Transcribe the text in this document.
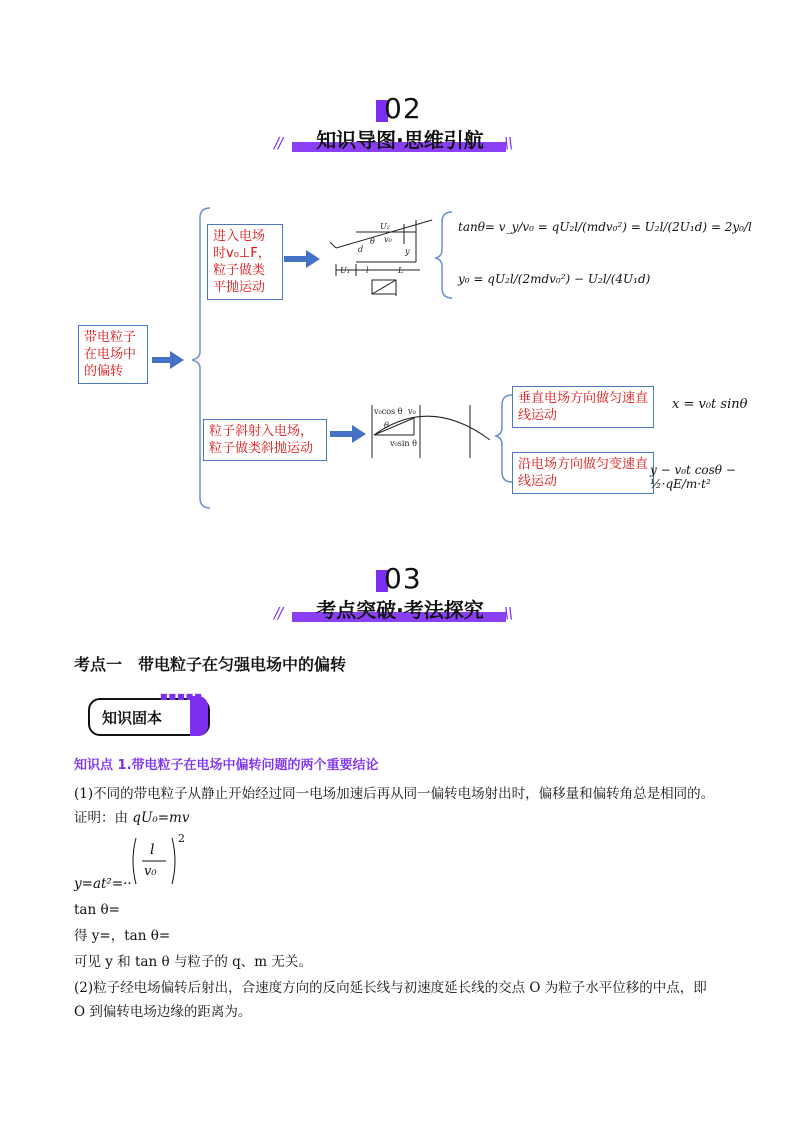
02
//	\\
知识导图·思维引航
带电粒子在电场中的偏转
U₂
v₀
d
θ
y
l	L
U₁
v₀cos θ v₀
θ
v₀sin θ
进入电场时v₀⊥F，粒子做类平抛运动
粒子斜射入电场，粒子做类斜抛运动
垂直电场方向做匀速直线运动
沿电场方向做匀变速直线运动
tanθ= v_y/v₀ = qU₂l/(mdv₀²) = U₂l/(2U₁d) = 2y₀/l
y₀ = qU₂l/(2mdv₀²) − U₂l/(4U₁d)
x = v₀t sinθ
y − v₀t cosθ − ½·qE/m·t²
03
//	\\
考点突破·考法探究
考点一　带电粒子在匀强电场中的偏转
■■■■■
知识固本
知识点 1.带电粒子在电场中偏转问题的两个重要结论
(1)不同的带电粒子从静止开始经过同一电场加速后再从同一偏转电场射出时，偏移量和偏转角总是相同的。
证明：由 qU₀=mv
l
v₀
2
y=at²=··
tan θ=
得 y=，tan θ=
可见 y 和 tan θ 与粒子的 q、m 无关。
(2)粒子经电场偏转后射出，合速度方向的反向延长线与初速度延长线的交点 O 为粒子水平位移的中点，即
O 到偏转电场边缘的距离为。
